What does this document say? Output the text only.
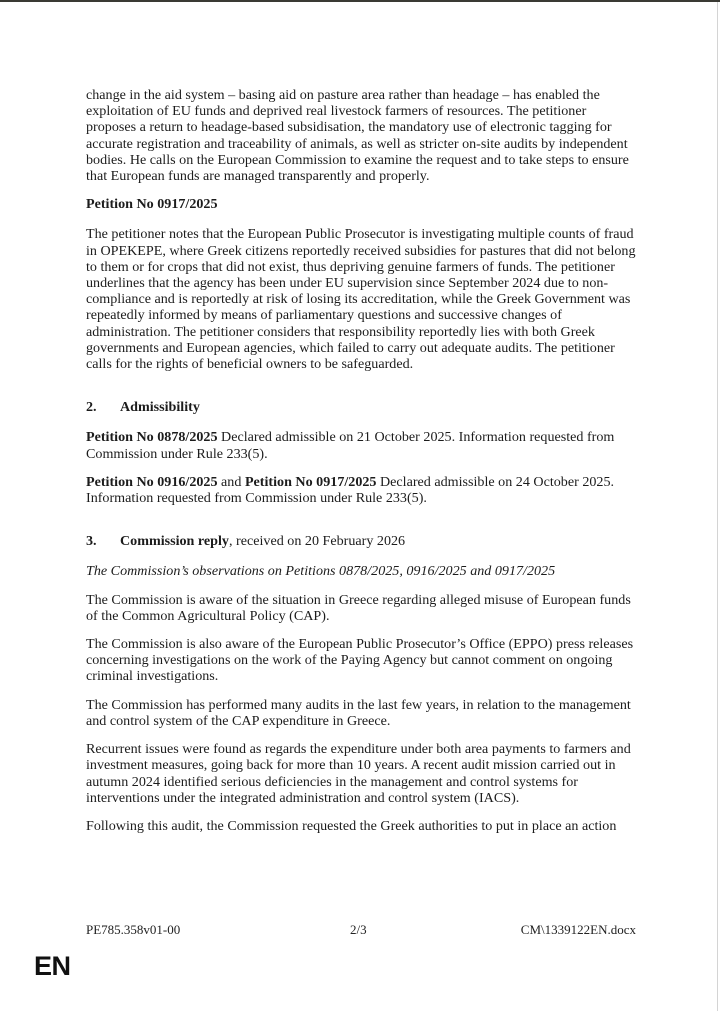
change in the aid system – basing aid on pasture area rather than headage – has enabled the exploitation of EU funds and deprived real livestock farmers of resources. The petitioner proposes a return to headage-based subsidisation, the mandatory use of electronic tagging for accurate registration and traceability of animals, as well as stricter on-site audits by independent bodies. He calls on the European Commission to examine the request and to take steps to ensure that European funds are managed transparently and properly.

Petition No 0917/2025

The petitioner notes that the European Public Prosecutor is investigating multiple counts of fraud in OPEKEPE, where Greek citizens reportedly received subsidies for pastures that did not belong to them or for crops that did not exist, thus depriving genuine farmers of funds. The petitioner underlines that the agency has been under EU supervision since September 2024 due to non-compliance and is reportedly at risk of losing its accreditation, while the Greek Government was repeatedly informed by means of parliamentary questions and successive changes of administration. The petitioner considers that responsibility reportedly lies with both Greek governments and European agencies, which failed to carry out adequate audits. The petitioner calls for the rights of beneficial owners to be safeguarded.

2. Admissibility

Petition No 0878/2025 Declared admissible on 21 October 2025. Information requested from Commission under Rule 233(5).

Petition No 0916/2025 and Petition No 0917/2025 Declared admissible on 24 October 2025. Information requested from Commission under Rule 233(5).

3. Commission reply, received on 20 February 2026

The Commission’s observations on Petitions 0878/2025, 0916/2025 and 0917/2025

The Commission is aware of the situation in Greece regarding alleged misuse of European funds of the Common Agricultural Policy (CAP).

The Commission is also aware of the European Public Prosecutor’s Office (EPPO) press releases concerning investigations on the work of the Paying Agency but cannot comment on ongoing criminal investigations.

The Commission has performed many audits in the last few years, in relation to the management and control system of the CAP expenditure in Greece.

Recurrent issues were found as regards the expenditure under both area payments to farmers and investment measures, going back for more than 10 years. A recent audit mission carried out in autumn 2024 identified serious deficiencies in the management and control systems for interventions under the integrated administration and control system (IACS).

Following this audit, the Commission requested the Greek authorities to put in place an action

PE785.358v01-00	2/3	CM\1339122EN.docx
EN
